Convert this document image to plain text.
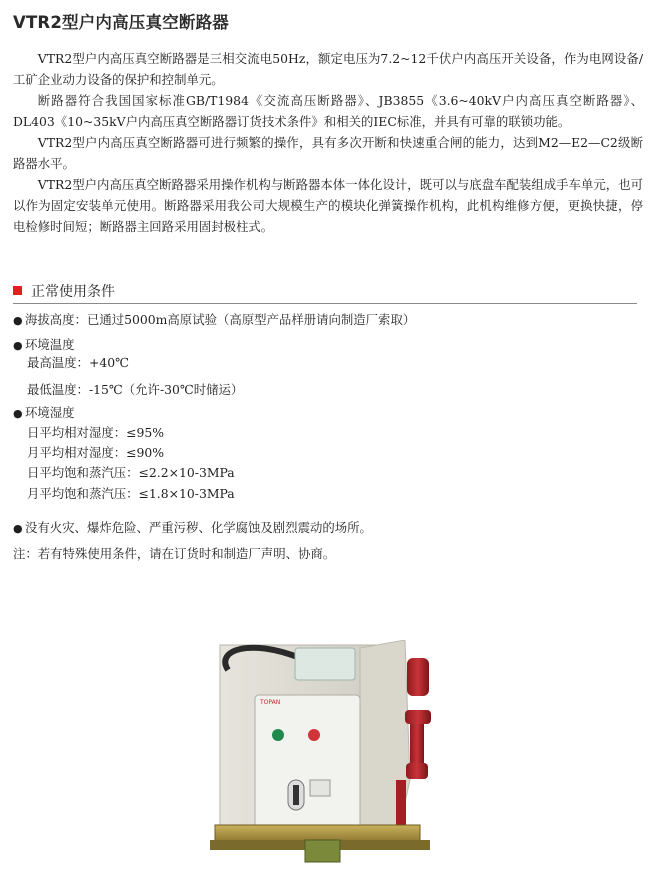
VTR2型户内高压真空断路器

VTR2型户内高压真空断路器是三相交流电50Hz，额定电压为7.2~12千伏户内高压开关设备，作为电网设备/工矿企业动力设备的保护和控制单元。

断路器符合我国国家标准GB/T1984《交流高压断路器》、JB3855《3.6~40kV户内高压真空断路器》、DL403《10~35kV户内高压真空断路器订货技术条件》和相关的IEC标准，并具有可靠的联锁功能。

VTR2型户内高压真空断路器可进行频繁的操作，具有多次开断和快速重合闸的能力，达到M2—E2—C2级断路器水平。

VTR2型户内高压真空断路器采用操作机构与断路器本体一体化设计，既可以与底盘车配装组成手车单元，也可以作为固定安装单元使用。断路器采用我公司大规模生产的模块化弹簧操作机构，此机构维修方便，更换快捷，停电检修时间短；断路器主回路采用固封极柱式。

正常使用条件
● 海拔高度：已通过5000m高原试验（高原型产品样册请向制造厂索取）
● 环境温度
最高温度：+40℃
最低温度：-15℃（允许-30℃时储运）
● 环境湿度
日平均相对湿度：≤95%
月平均相对湿度：≤90%
日平均饱和蒸汽压：≤2.2×10-3MPa
月平均饱和蒸汽压：≤1.8×10-3MPa
● 没有火灾、爆炸危险、严重污秽、化学腐蚀及剧烈震动的场所。
注：若有特殊使用条件，请在订货时和制造厂声明、协商。
TOPAN
